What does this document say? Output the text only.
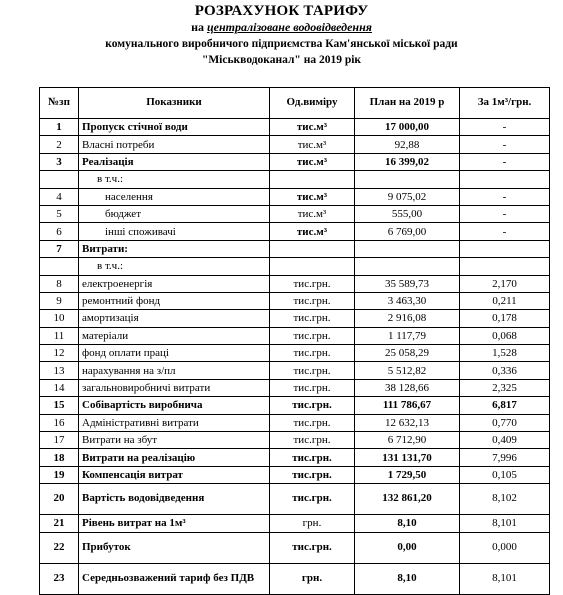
РОЗРАХУНОК ТАРИФУ
на централізоване водовідведення
комунального виробничого підприємства Кам'янської міської ради
"Міськводоканал" на 2019 рік
№зп	Показники	Од.виміру	План на 2019 р	За 1м³/грн.
1	Пропуск стічної води	тис.м³	17 000,00	-
2	Власні потреби	тис.м³	92,88	-
3	Реалізація	тис.м³	16 399,02	-
	в т.ч.:			
4	населення	тис.м³	9 075,02	-
5	бюджет	тис.м³	555,00	-
6	інші споживачі	тис.м³	6 769,00	-
7	Витрати:			
	в т.ч.:			
8	електроенергія	тис.грн.	35 589,73	2,170
9	ремонтний фонд	тис.грн.	3 463,30	0,211
10	амортизація	тис.грн.	2 916,08	0,178
11	матеріали	тис.грн.	1 117,79	0,068
12	фонд оплати праці	тис.грн.	25 058,29	1,528
13	нарахування на з/пл	тис.грн.	5 512,82	0,336
14	загальновиробничі витрати	тис.грн.	38 128,66	2,325
15	Собівартість виробнича	тис.грн.	111 786,67	6,817
16	Адміністративні витрати	тис.грн.	12 632,13	0,770
17	Витрати на збут	тис.грн.	6 712,90	0,409
18	Витрати на реалізацію	тис.грн.	131 131,70	7,996
19	Компенсація витрат	тис.грн.	1 729,50	0,105
20	Вартість водовідведення	тис.грн.	132 861,20	8,102
21	Рівень витрат на 1м³	грн.	8,10	8,101
22	Прибуток	тис.грн.	0,00	0,000
23	Середньозважений тариф без ПДВ	грн.	8,10	8,101
